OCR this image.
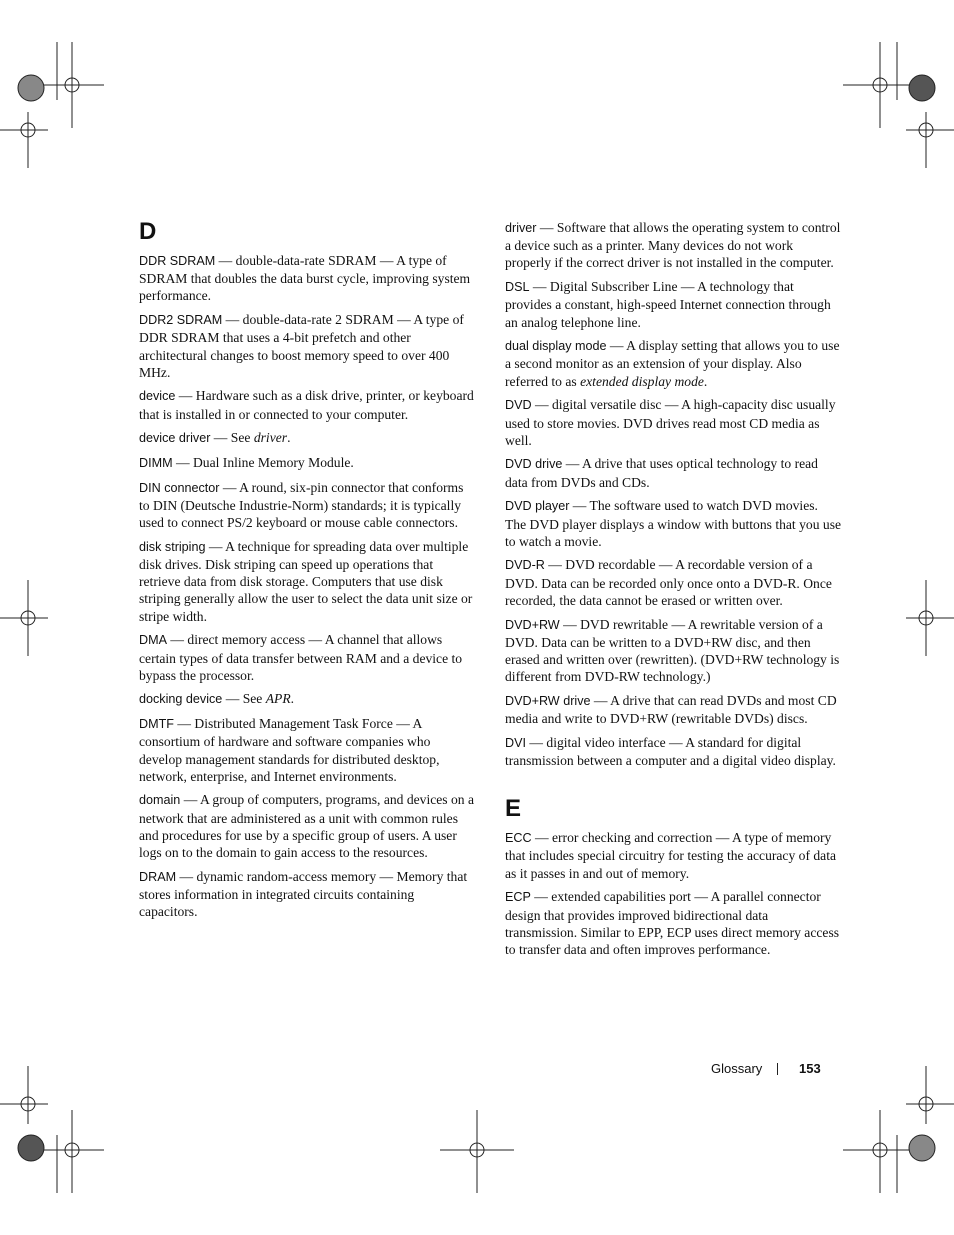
D
DDR SDRAM — double-data-rate SDRAM — A type of SDRAM that doubles the data burst cycle, improving system performance.
DDR2 SDRAM — double-data-rate 2 SDRAM — A type of DDR SDRAM that uses a 4-bit prefetch and other architectural changes to boost memory speed to over 400 MHz.
device — Hardware such as a disk drive, printer, or keyboard that is installed in or connected to your computer.
device driver — See driver.
DIMM — Dual Inline Memory Module.
DIN connector — A round, six-pin connector that conforms to DIN (Deutsche Industrie-Norm) standards; it is typically used to connect PS/2 keyboard or mouse cable connectors.
disk striping — A technique for spreading data over multiple disk drives. Disk striping can speed up operations that retrieve data from disk storage. Computers that use disk striping generally allow the user to select the data unit size or stripe width.
DMA — direct memory access — A channel that allows certain types of data transfer between RAM and a device to bypass the processor.
docking device — See APR.
DMTF — Distributed Management Task Force — A consortium of hardware and software companies who develop management standards for distributed desktop, network, enterprise, and Internet environments.
domain — A group of computers, programs, and devices on a network that are administered as a unit with common rules and procedures for use by a specific group of users. A user logs on to the domain to gain access to the resources.
DRAM — dynamic random-access memory — Memory that stores information in integrated circuits containing capacitors.
driver — Software that allows the operating system to control a device such as a printer. Many devices do not work properly if the correct driver is not installed in the computer.
DSL — Digital Subscriber Line — A technology that provides a constant, high-speed Internet connection through an analog telephone line.
dual display mode — A display setting that allows you to use a second monitor as an extension of your display. Also referred to as extended display mode.
DVD — digital versatile disc — A high-capacity disc usually used to store movies. DVD drives read most CD media as well.
DVD drive — A drive that uses optical technology to read data from DVDs and CDs.
DVD player — The software used to watch DVD movies. The DVD player displays a window with buttons that you use to watch a movie.
DVD-R — DVD recordable — A recordable version of a DVD. Data can be recorded only once onto a DVD-R. Once recorded, the data cannot be erased or written over.
DVD+RW — DVD rewritable — A rewritable version of a DVD. Data can be written to a DVD+RW disc, and then erased and written over (rewritten). (DVD+RW technology is different from DVD-RW technology.)
DVD+RW drive — A drive that can read DVDs and most CD media and write to DVD+RW (rewritable DVDs) discs.
DVI — digital video interface — A standard for digital transmission between a computer and a digital video display.
E
ECC — error checking and correction — A type of memory that includes special circuitry for testing the accuracy of data as it passes in and out of memory.
ECP — extended capabilities port — A parallel connector design that provides improved bidirectional data transmission. Similar to EPP, ECP uses direct memory access to transfer data and often improves performance.
Glossary	153
